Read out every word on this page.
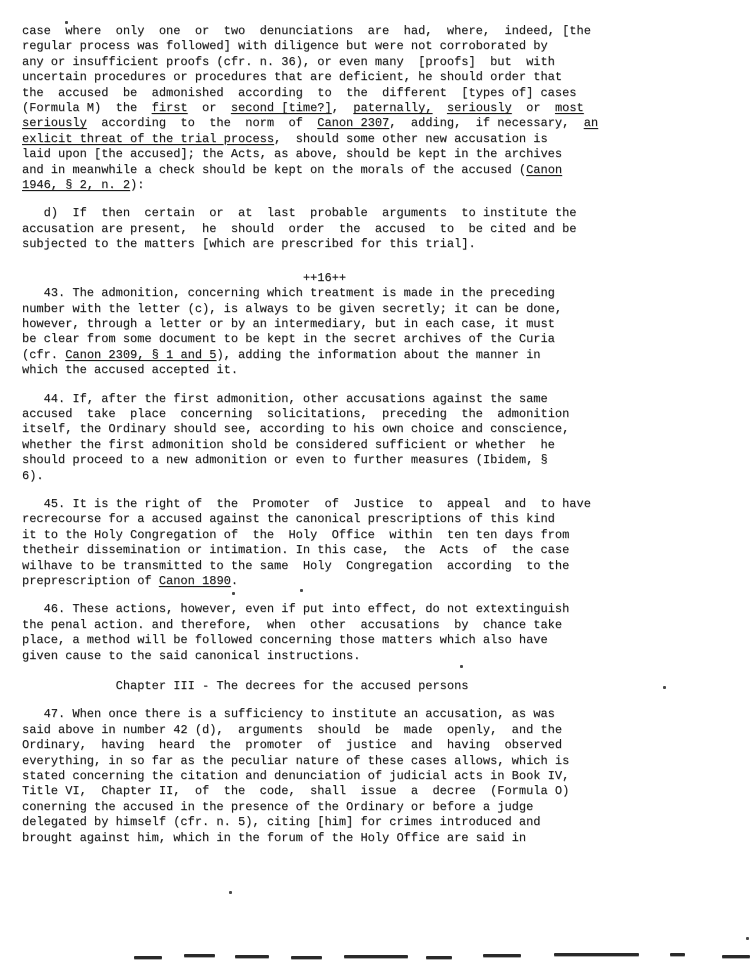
case  where  only  one  or  two  denunciations  are  had,  where,  indeed, [the
regular process was followed] with diligence but were not corroborated by
any or insufficient proofs (cfr. n. 36), or even many  [proofs]  but  with
uncertain procedures or procedures that are deficient, he should order that
the  accused  be  admonished  according  to  the  different  [types of] cases
(Formula M)  the  first  or  second [time?],  paternally, seriously  or  most
seriously  according  to  the  norm  of  Canon 2307,  adding,  if necessary,  an
exlicit threat of the trial process,  should some other new accusation is
laid upon [the accused]; the Acts, as above, should be kept in the archives
and in meanwhile a check should be kept on the morals of the accused (Canon
1946, § 2, n. 2):
d)  If  then  certain  or  at  last  probable  arguments  to institute the
accusation are present,  he  should  order  the  accused  to  be cited and be
subjected to the matters [which are prescribed for this trial].
++16++
43. The admonition, concerning which treatment is made in the preceding
number with the letter (c), is always to be given secretly; it can be done,
however, through a letter or by an intermediary, but in each case, it must
be clear from some document to be kept in the secret archives of the Curia
(cfr. Canon 2309, § 1 and 5), adding the information about the manner in
which the accused accepted it.
44. If, after the first admonition, other accusations against the same
accused  take  place  concerning  solicitations,  preceding  the  admonition
itself, the Ordinary should see, according to his own choice and conscience,
whether the first admonition shold be considered sufficient or whether  he
should proceed to a new admonition or even to further measures (Ibidem, §
6).
45. It is the right of  the  Promoter  of  Justice  to  appeal  and  to have
recrecourse for a accused against the canonical prescriptions of this kind
it to the Holy Congregation of  the  Holy  Office  within  ten ten days from
thetheir dissemination or intimation. In this case,  the  Acts  of  the case
wilhave to be transmitted to the same  Holy  Congregation  according  to the
preprescription of Canon 1890.
46. These actions, however, even if put into effect, do not extextinguish
the penal action. and therefore,  when  other  accusations  by  chance take
place, a method will be followed concerning those matters which also have
given cause to the said canonical instructions.
Chapter III - The decrees for the accused persons
47. When once there is a sufficiency to institute an accusation, as was
said above in number 42 (d),  arguments  should  be  made  openly,  and the
Ordinary,  having  heard  the  promoter  of  justice  and  having  observed
everything, in so far as the peculiar nature of these cases allows, which is
stated concerning the citation and denunciation of judicial acts in Book IV,
Title VI,  Chapter II,  of  the  code,  shall  issue  a  decree  (Formula O)
conerning the accused in the presence of the Ordinary or before a judge
delegated by himself (cfr. n. 5), citing [him] for crimes introduced and
brought against him, which in the forum of the Holy Office are said in
